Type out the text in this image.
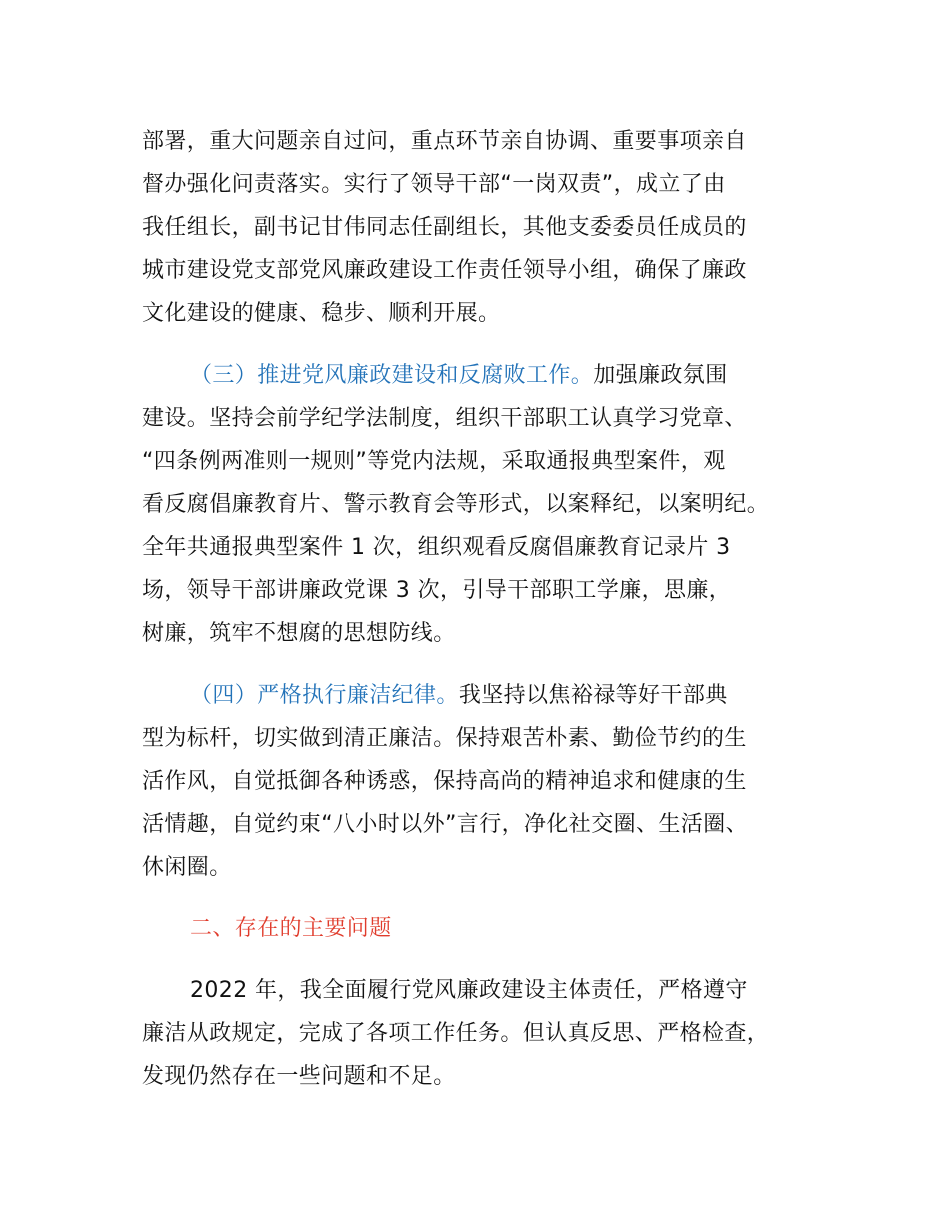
部署，重大问题亲自过问，重点环节亲自协调、重要事项亲自
督办强化问责落实。实行了领导干部“一岗双责”，成立了由
我任组长，副书记甘伟同志任副组长，其他支委委员任成员的
城市建设党支部党风廉政建设工作责任领导小组，确保了廉政
文化建设的健康、稳步、顺利开展。
（三）推进党风廉政建设和反腐败工作。加强廉政氛围
建设。坚持会前学纪学法制度，组织干部职工认真学习党章、
“四条例两准则一规则”等党内法规，采取通报典型案件，观
看反腐倡廉教育片、警示教育会等形式，以案释纪，以案明纪。
全年共通报典型案件 1 次，组织观看反腐倡廉教育记录片 3
场，领导干部讲廉政党课 3 次，引导干部职工学廉，思廉，
树廉，筑牢不想腐的思想防线。
（四）严格执行廉洁纪律。我坚持以焦裕禄等好干部典
型为标杆，切实做到清正廉洁。保持艰苦朴素、勤俭节约的生
活作风，自觉抵御各种诱惑，保持高尚的精神追求和健康的生
活情趣，自觉约束“八小时以外”言行，净化社交圈、生活圈、
休闲圈。
二、存在的主要问题
2022 年，我全面履行党风廉政建设主体责任，严格遵守
廉洁从政规定，完成了各项工作任务。但认真反思、严格检查，
发现仍然存在一些问题和不足。
